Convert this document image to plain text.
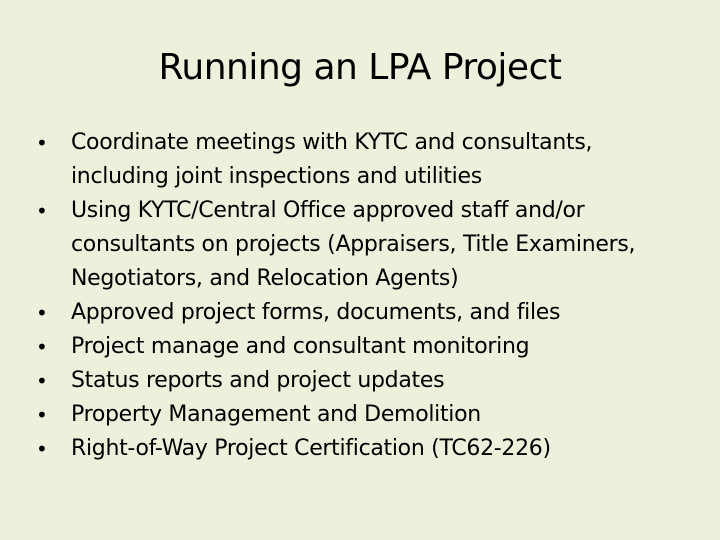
Running an LPA Project
•	Coordinate meetings with KYTC and consultants, including joint inspections and utilities
•	Using KYTC/Central Office approved staff and/or consultants on projects (Appraisers, Title Examiners, Negotiators, and Relocation Agents)
•	Approved project forms, documents, and files
•	Project manage and consultant monitoring
•	Status reports and project updates
•	Property Management and Demolition
•	Right-of-Way Project Certification (TC62-226)
